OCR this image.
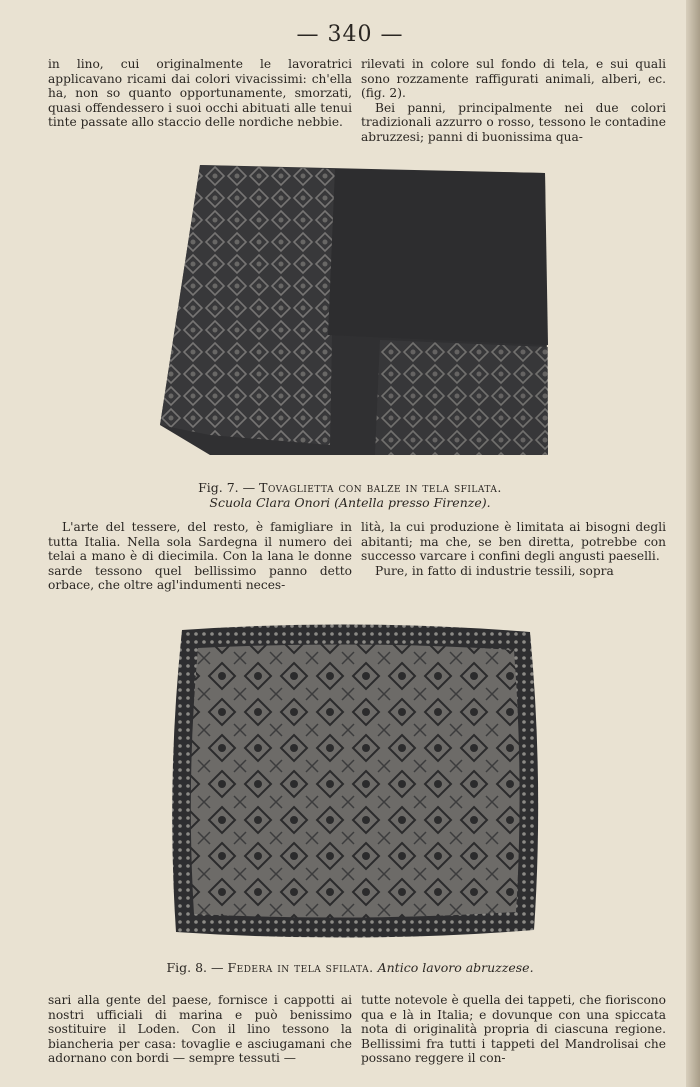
— 340 —

in lino, cui originalmente le lavoratrici applicavano ricami dai colori vivacissimi: ch'ella ha, non so quanto opportunamente, smorzati, quasi offendessero i suoi occhi abituati alle tenui tinte passate allo staccio delle nordiche nebbie.

rilevati in colore sul fondo di tela, e sui quali sono rozzamente raffigurati animali, alberi, ec. (fig. 2).

Bei panni, principalmente nei due colori tradizionali azzurro o rosso, tessono le contadine abruzzesi; panni di buonissima qua-

Fig. 7. — Tovaglietta con balze in tela sfilata.
Scuola Clara Onori (Antella presso Firenze).

L'arte del tessere, del resto, è famigliare in tutta Italia. Nella sola Sardegna il numero dei telai a mano è di diecimila. Con la lana le donne sarde tessono quel bellissimo panno detto orbace, che oltre agl'indumenti neces-

lità, la cui produzione è limitata ai bisogni degli abitanti; ma che, se ben diretta, potrebbe con successo varcare i confini degli angusti paeselli.

Pure, in fatto di industrie tessili, sopra

Fig. 8. — Federa in tela sfilata. Antico lavoro abruzzese.

sari alla gente del paese, fornisce i cappotti ai nostri ufficiali di marina e può benissimo sostituire il Loden. Con il lino tessono la biancheria per casa: tovaglie e asciugamani che adornano con bordi — sempre tessuti —

tutte notevole è quella dei tappeti, che fioriscono qua e là in Italia; e dovunque con una spiccata nota di originalità propria di ciascuna regione. Bellissimi fra tutti i tappeti del Mandrolisai che possano reggere il con-
